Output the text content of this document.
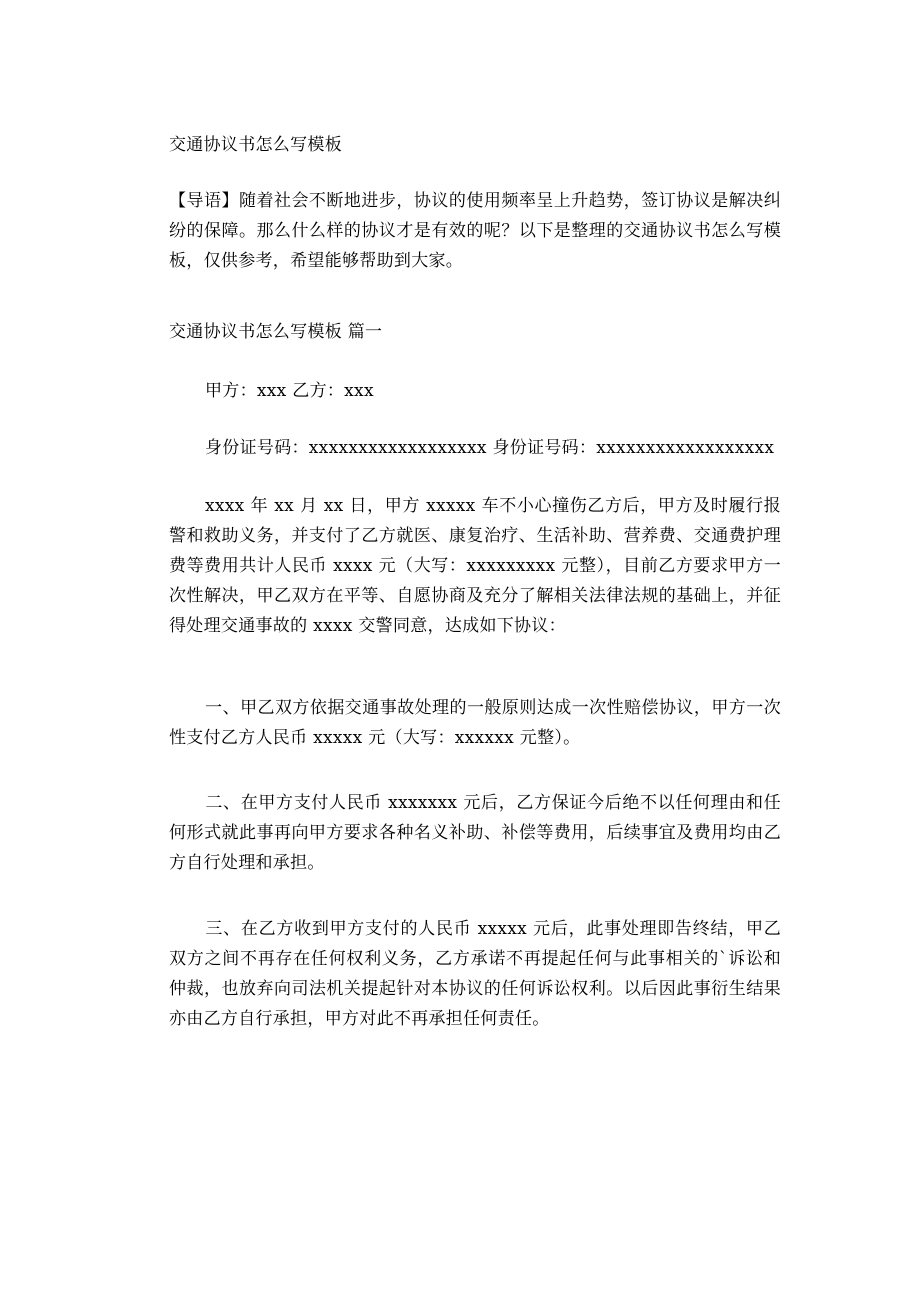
交通协议书怎么写模板
【导语】随着社会不断地进步，协议的使用频率呈上升趋势，签订协议是解决纠纷的保障。那么什么样的协议才是有效的呢？以下是整理的交通协议书怎么写模板，仅供参考，希望能够帮助到大家。
交通协议书怎么写模板 篇一
甲方：xxx 乙方：xxx
身份证号码：xxxxxxxxxxxxxxxxxx 身份证号码：xxxxxxxxxxxxxxxxxx
xxxx 年 xx 月 xx 日，甲方 xxxxx 车不小心撞伤乙方后，甲方及时履行报警和救助义务，并支付了乙方就医、康复治疗、生活补助、营养费、交通费护理费等费用共计人民币 xxxx 元（大写：xxxxxxxxx 元整），目前乙方要求甲方一次性解决，甲乙双方在平等、自愿协商及充分了解相关法律法规的基础上，并征得处理交通事故的 xxxx 交警同意，达成如下协议：
一、甲乙双方依据交通事故处理的一般原则达成一次性赔偿协议，甲方一次性支付乙方人民币 xxxxx 元（大写：xxxxxx 元整）。
二、在甲方支付人民币 xxxxxxx 元后，乙方保证今后绝不以任何理由和任何形式就此事再向甲方要求各种名义补助、补偿等费用，后续事宜及费用均由乙方自行处理和承担。
三、在乙方收到甲方支付的人民币 xxxxx 元后，此事处理即告终结，甲乙双方之间不再存在任何权利义务，乙方承诺不再提起任何与此事相关的`诉讼和仲裁，也放弃向司法机关提起针对本协议的任何诉讼权利。以后因此事衍生结果亦由乙方自行承担，甲方对此不再承担任何责任。
